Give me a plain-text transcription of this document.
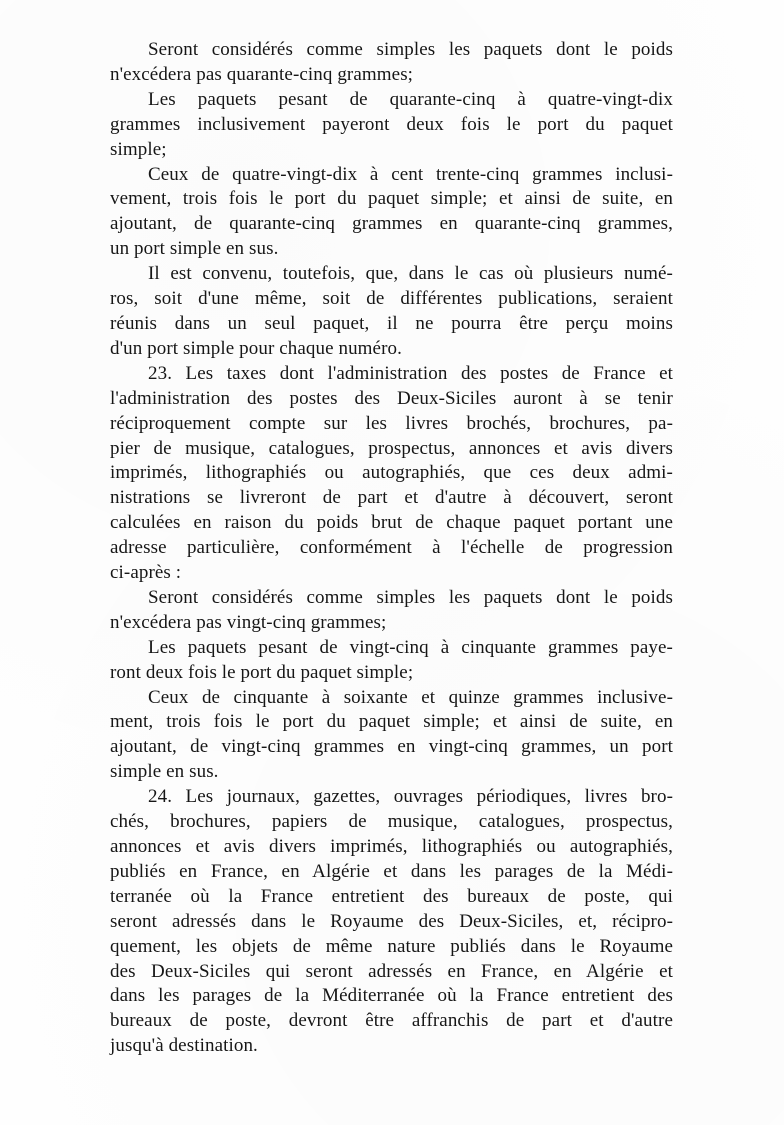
Seront considérés comme simples les paquets dont le poids
n'excédera pas quarante-cinq grammes;
Les paquets pesant de quarante-cinq à quatre-vingt-dix
grammes inclusivement payeront deux fois le port du paquet
simple;
Ceux de quatre-vingt-dix à cent trente-cinq grammes inclusi-
vement, trois fois le port du paquet simple; et ainsi de suite, en
ajoutant, de quarante-cinq grammes en quarante-cinq grammes,
un port simple en sus.
Il est convenu, toutefois, que, dans le cas où plusieurs numé-
ros, soit d'une même, soit de différentes publications, seraient
réunis dans un seul paquet, il ne pourra être perçu moins
d'un port simple pour chaque numéro.
23. Les taxes dont l'administration des postes de France et
l'administration des postes des Deux-Siciles auront à se tenir
réciproquement compte sur les livres brochés, brochures, pa-
pier de musique, catalogues, prospectus, annonces et avis divers
imprimés, lithographiés ou autographiés, que ces deux admi-
nistrations se livreront de part et d'autre à découvert, seront
calculées en raison du poids brut de chaque paquet portant une
adresse particulière, conformément à l'échelle de progression
ci-après :
Seront considérés comme simples les paquets dont le poids
n'excédera pas vingt-cinq grammes;
Les paquets pesant de vingt-cinq à cinquante grammes paye-
ront deux fois le port du paquet simple;
Ceux de cinquante à soixante et quinze grammes inclusive-
ment, trois fois le port du paquet simple; et ainsi de suite, en
ajoutant, de vingt-cinq grammes en vingt-cinq grammes, un port
simple en sus.
24. Les journaux, gazettes, ouvrages périodiques, livres bro-
chés, brochures, papiers de musique, catalogues, prospectus,
annonces et avis divers imprimés, lithographiés ou autographiés,
publiés en France, en Algérie et dans les parages de la Médi-
terranée où la France entretient des bureaux de poste, qui
seront adressés dans le Royaume des Deux-Siciles, et, récipro-
quement, les objets de même nature publiés dans le Royaume
des Deux-Siciles qui seront adressés en France, en Algérie et
dans les parages de la Méditerranée où la France entretient des
bureaux de poste, devront être affranchis de part et d'autre
jusqu'à destination.
